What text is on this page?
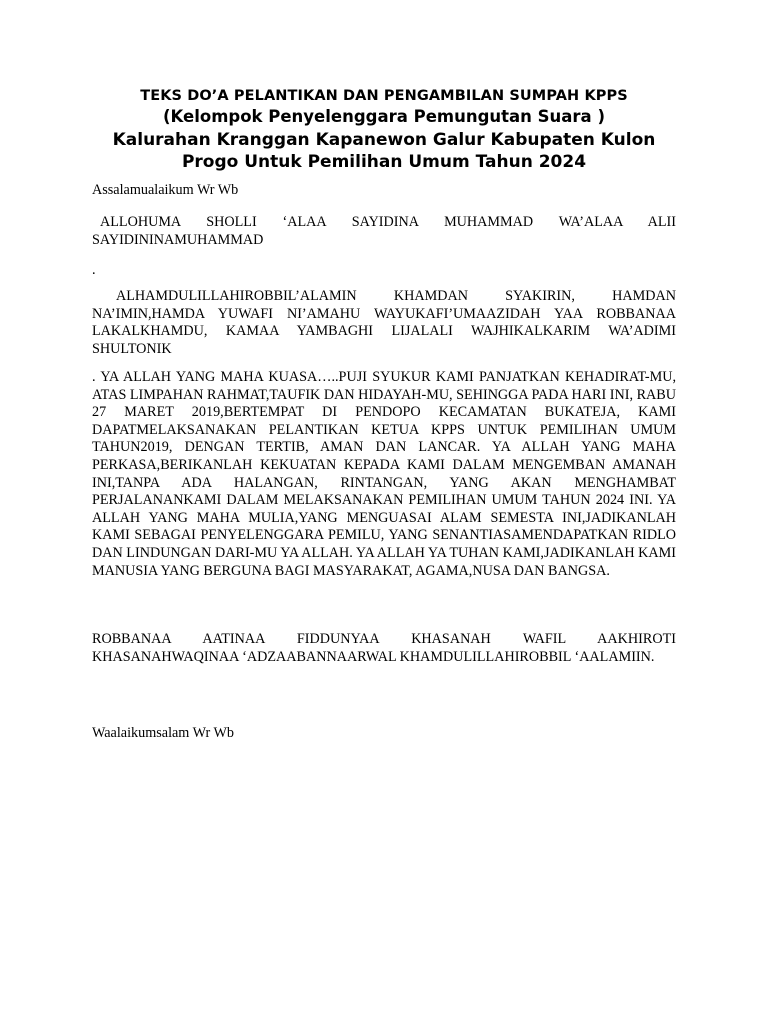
TEKS DO’A PELANTIKAN DAN PENGAMBILAN SUMPAH KPPS
(Kelompok Penyelenggara Pemungutan Suara )
Kalurahan Kranggan Kapanewon Galur Kabupaten Kulon
Progo Untuk Pemilihan Umum Tahun 2024

Assalamualaikum Wr Wb

ALLOHUMA SHOLLI ‘ALAA SAYIDINA MUHAMMAD WA’ALAA ALII SAYIDININAMUHAMMAD

.

ALHAMDULILLAHIROBBIL’ALAMIN KHAMDAN SYAKIRIN, HAMDAN NA’IMIN,HAMDA YUWAFI NI’AMAHU WAYUKAFI’UMAAZIDAH YAA ROBBANAA LAKALKHAMDU, KAMAA YAMBAGHI LIJALALI WAJHIKALKARIM WA’ADIMI SHULTONIK

. YA ALLAH YANG MAHA KUASA…..PUJI SYUKUR KAMI PANJATKAN KEHADIRAT-MU, ATAS LIMPAHAN RAHMAT,TAUFIK DAN HIDAYAH-MU, SEHINGGA PADA HARI INI, RABU 27 MARET 2019,BERTEMPAT DI PENDOPO KECAMATAN BUKATEJA, KAMI DAPATMELAKSANAKAN PELANTIKAN KETUA KPPS UNTUK PEMILIHAN UMUM TAHUN2019, DENGAN TERTIB, AMAN DAN LANCAR. YA ALLAH YANG MAHA PERKASA,BERIKANLAH KEKUATAN KEPADA KAMI DALAM MENGEMBAN AMANAH INI,TANPA ADA HALANGAN, RINTANGAN, YANG AKAN MENGHAMBAT PERJALANANKAMI DALAM MELAKSANAKAN PEMILIHAN UMUM TAHUN 2024 INI. YA ALLAH YANG MAHA MULIA,YANG MENGUASAI ALAM SEMESTA INI,JADIKANLAH KAMI SEBAGAI PENYELENGGARA PEMILU, YANG SENANTIASAMENDAPATKAN RIDLO DAN LINDUNGAN DARI-MU YA ALLAH. YA ALLAH YA TUHAN KAMI,JADIKANLAH KAMI MANUSIA YANG BERGUNA BAGI MASYARAKAT, AGAMA,NUSA DAN BANGSA.

ROBBANAA AATINAA FIDDUNYAA KHASANAH WAFIL AAKHIROTI KHASANAHWAQINAA ‘ADZAABANNAARWAL KHAMDULILLAHIROBBIL ‘AALAMIIN.

Waalaikumsalam Wr Wb
